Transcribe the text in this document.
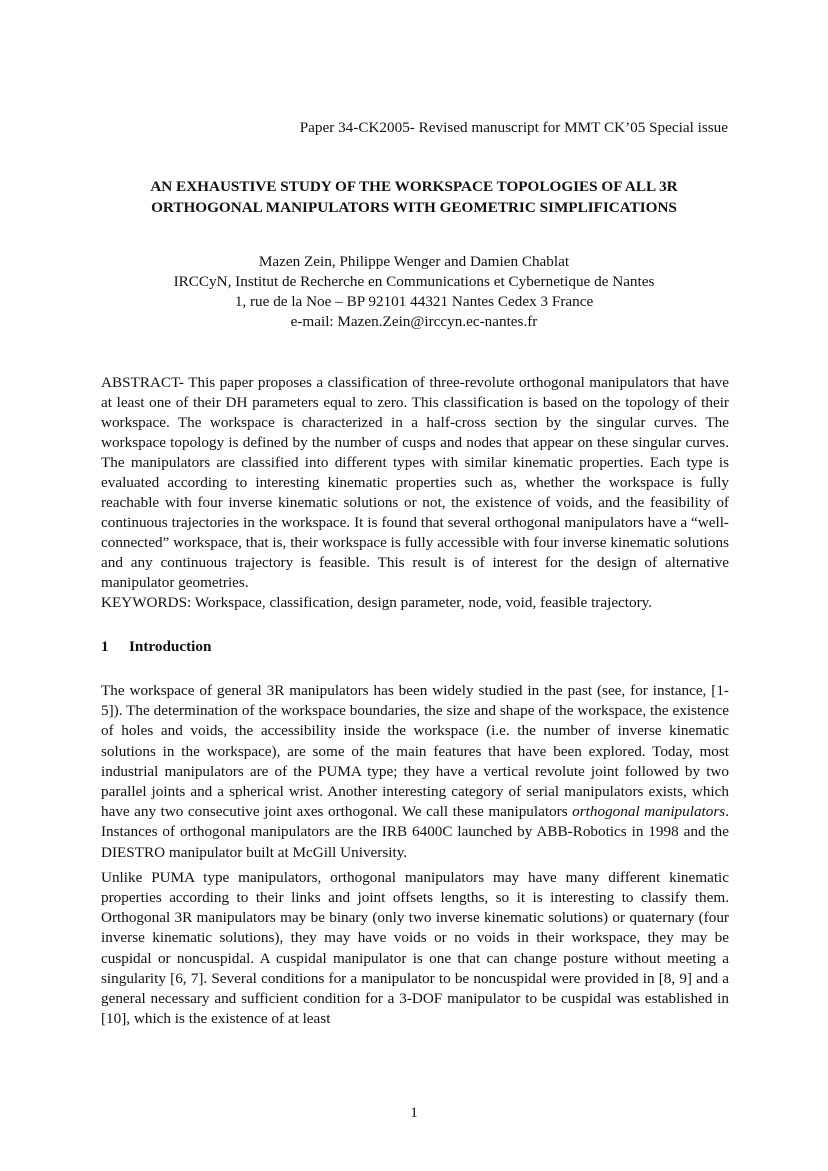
Paper 34-CK2005- Revised manuscript for MMT CK’05 Special issue
AN EXHAUSTIVE STUDY OF THE WORKSPACE TOPOLOGIES OF ALL 3R
ORTHOGONAL MANIPULATORS WITH GEOMETRIC SIMPLIFICATIONS
Mazen Zein, Philippe Wenger and Damien Chablat
IRCCyN, Institut de Recherche en Communications et Cybernetique de Nantes
1, rue de la Noe – BP 92101 44321 Nantes Cedex 3 France
e-mail: Mazen.Zein@irccyn.ec-nantes.fr

ABSTRACT- This paper proposes a classification of three-revolute orthogonal manipulators that have at least one of their DH parameters equal to zero. This classification is based on the topology of their workspace. The workspace is characterized in a half-cross section by the singular curves. The workspace topology is defined by the number of cusps and nodes that appear on these singular curves. The manipulators are classified into different types with similar kinematic properties. Each type is evaluated according to interesting kinematic properties such as, whether the workspace is fully reachable with four inverse kinematic solutions or not, the existence of voids, and the feasibility of continuous trajectories in the workspace. It is found that several orthogonal manipulators have a “well-connected” workspace, that is, their workspace is fully accessible with four inverse kinematic solutions and any continuous trajectory is feasible. This result is of interest for the design of alternative manipulator geometries.

KEYWORDS: Workspace, classification, design parameter, node, void, feasible trajectory.

1 Introduction

The workspace of general 3R manipulators has been widely studied in the past (see, for instance, [1-5]). The determination of the workspace boundaries, the size and shape of the workspace, the existence of holes and voids, the accessibility inside the workspace (i.e. the number of inverse kinematic solutions in the workspace), are some of the main features that have been explored. Today, most industrial manipulators are of the PUMA type; they have a vertical revolute joint followed by two parallel joints and a spherical wrist. Another interesting category of serial manipulators exists, which have any two consecutive joint axes orthogonal. We call these manipulators orthogonal manipulators. Instances of orthogonal manipulators are the IRB 6400C launched by ABB-Robotics in 1998 and the DIESTRO manipulator built at McGill University.

Unlike PUMA type manipulators, orthogonal manipulators may have many different kinematic properties according to their links and joint offsets lengths, so it is interesting to classify them. Orthogonal 3R manipulators may be binary (only two inverse kinematic solutions) or quaternary (four inverse kinematic solutions), they may have voids or no voids in their workspace, they may be cuspidal or noncuspidal. A cuspidal manipulator is one that can change posture without meeting a singularity [6, 7]. Several conditions for a manipulator to be noncuspidal were provided in [8, 9] and a general necessary and sufficient condition for a 3-DOF manipulator to be cuspidal was established in [10], which is the existence of at least

1
